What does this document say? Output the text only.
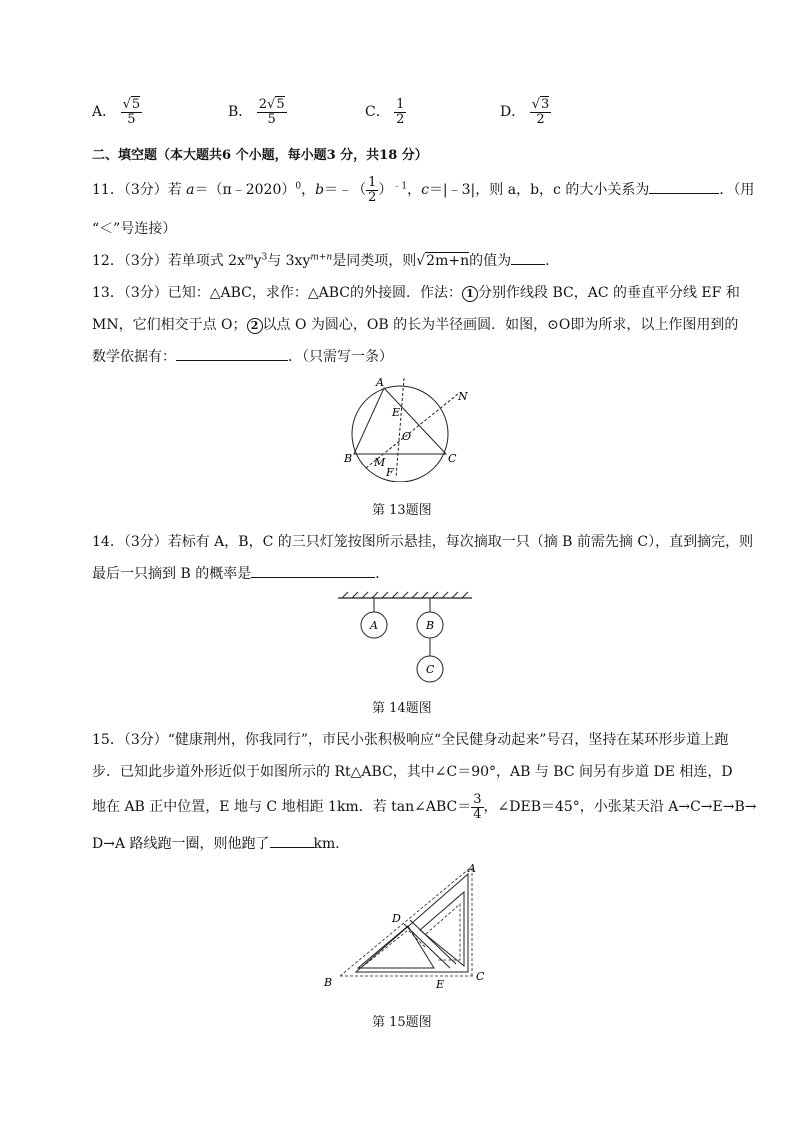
A． $\frac{√5}{5}$	B． $\frac{2√5}{5}$	C． $\frac{1}{2}$	D． $\frac{√3}{2}$
二、填空题（本大题共6 个小题，每小题3 分，共18 分）
11．（3分）若 a＝（π﹣2020）$^0$，b＝﹣（ $\frac{1}{2} )^{﹣1}$，c＝|﹣3|，则 a，b，c 的大小关系为	．（用
“＜”号连接）
12．（3分）若单项式 $2x^my^3$与 $3xy^{m+n}$是同类项，则√2m+n的值为 ．
13．（3分）已知：△ABC，求作：△ABC的外接圆．作法： 1 分别作线段 BC，AC 的垂直平分线 EF 和
MN，它们相交于点 O； 2 以点 O 为圆心，OB 的长为半径画圆．如图，⊙O即为所求，以上作图用到的
数学依据有：	．（只需写一条）
A
B	C
E
O
M
F
N
第 13题图
14．（3分）若标有 A，B，C 的三只灯笼按图所示悬挂，每次摘取一只（摘 B 前需先摘 C），直到摘完，则
最后一只摘到 B 的概率是	．
A	B
C
第 14题图
15．（3分）“健康荆州，你我同行”，市民小张积极响应“全民健身动起来”号召，坚持在某环形步道上跑
步．已知此步道外形近似于如图所示的 Rt△ABC，其中∠C＝90°，AB 与 BC 间另有步道 DE 相连，D
地在 AB 正中位置，E 地与 C 地相距 1km．若 tan∠ABC＝ $\frac{3}{4}$ ，∠DEB＝45°，小张某天沿 A→C→E→B→
D→A 路线跑一圈，则他跑了	km．
A
B	C
D
E
第 15题图
